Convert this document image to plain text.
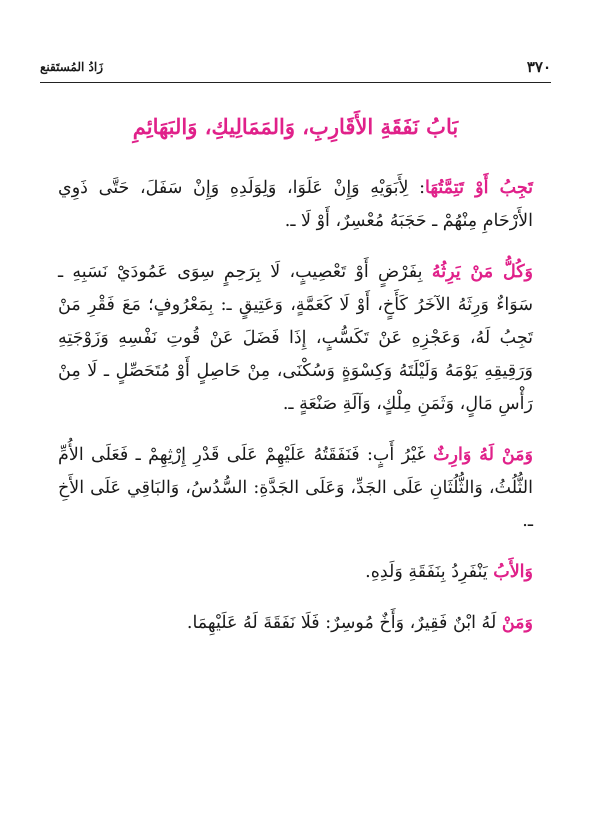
٣٧٠
زَادُ المُستَقنع
بَابُ نَفَقَةِ الأَقَارِبِ، وَالمَمَالِيكِ، وَالبَهَائِمِ

تَجِبُ أَوْ تَتِمَّتُهَا: لِأَبَوَيْهِ وَإِنْ عَلَوَا، وَلِوَلَدِهِ وَإِنْ سَفَلَ، حَتَّى ذَوِي الأَرْحَامِ مِنْهُمْ ـ حَجَبَهُ مُعْسِرٌ، أَوْ لَا ـ.

وَكُلُّ مَنْ يَرِثُهُ بِفَرْضٍ أَوْ تَعْصِيبٍ، لَا بِرَحِمٍ سِوَى عَمُودَيْ نَسَبِهِ ـ سَوَاءٌ وَرِثَهُ الآخَرُ كَأَخٍ، أَوْ لَا كَعَمَّةٍ، وَعَتِيقٍ ـ: بِمَعْرُوفٍ؛ مَعَ فَقْرِ مَنْ تَجِبُ لَهُ، وَعَجْزِهِ عَنْ تَكَسُّبٍ، إِذَا فَضَلَ عَنْ قُوتِ نَفْسِهِ وَزَوْجَتِهِ وَرَقِيقِهِ يَوْمَهُ وَلَيْلَتَهُ وَكِسْوَةٍ وَسُكْنَى، مِنْ حَاصِلٍ أَوْ مُتَحَصِّلٍ ـ لَا مِنْ رَأْسِ مَالٍ، وَثَمَنِ مِلْكٍ، وَآلَةِ صَنْعَةٍ ـ.

وَمَنْ لَهُ وَارِثٌ غَيْرُ أَبٍ: فَنَفَقَتُهُ عَلَيْهِمْ عَلَى قَدْرِ إِرْثِهِمْ ـ فَعَلَى الأُمِّ الثُّلُثُ، وَالثُّلُثَانِ عَلَى الجَدِّ، وَعَلَى الجَدَّةِ: السُّدُسُ، وَالبَاقِي عَلَى الأَخِ ـ.

وَالأَبُ يَنْفَرِدُ بِنَفَقَةِ وَلَدِهِ.

وَمَنْ لَهُ ابْنٌ فَقِيرٌ، وَأَخٌ مُوسِرٌ: فَلَا نَفَقَةَ لَهُ عَلَيْهِمَا.
